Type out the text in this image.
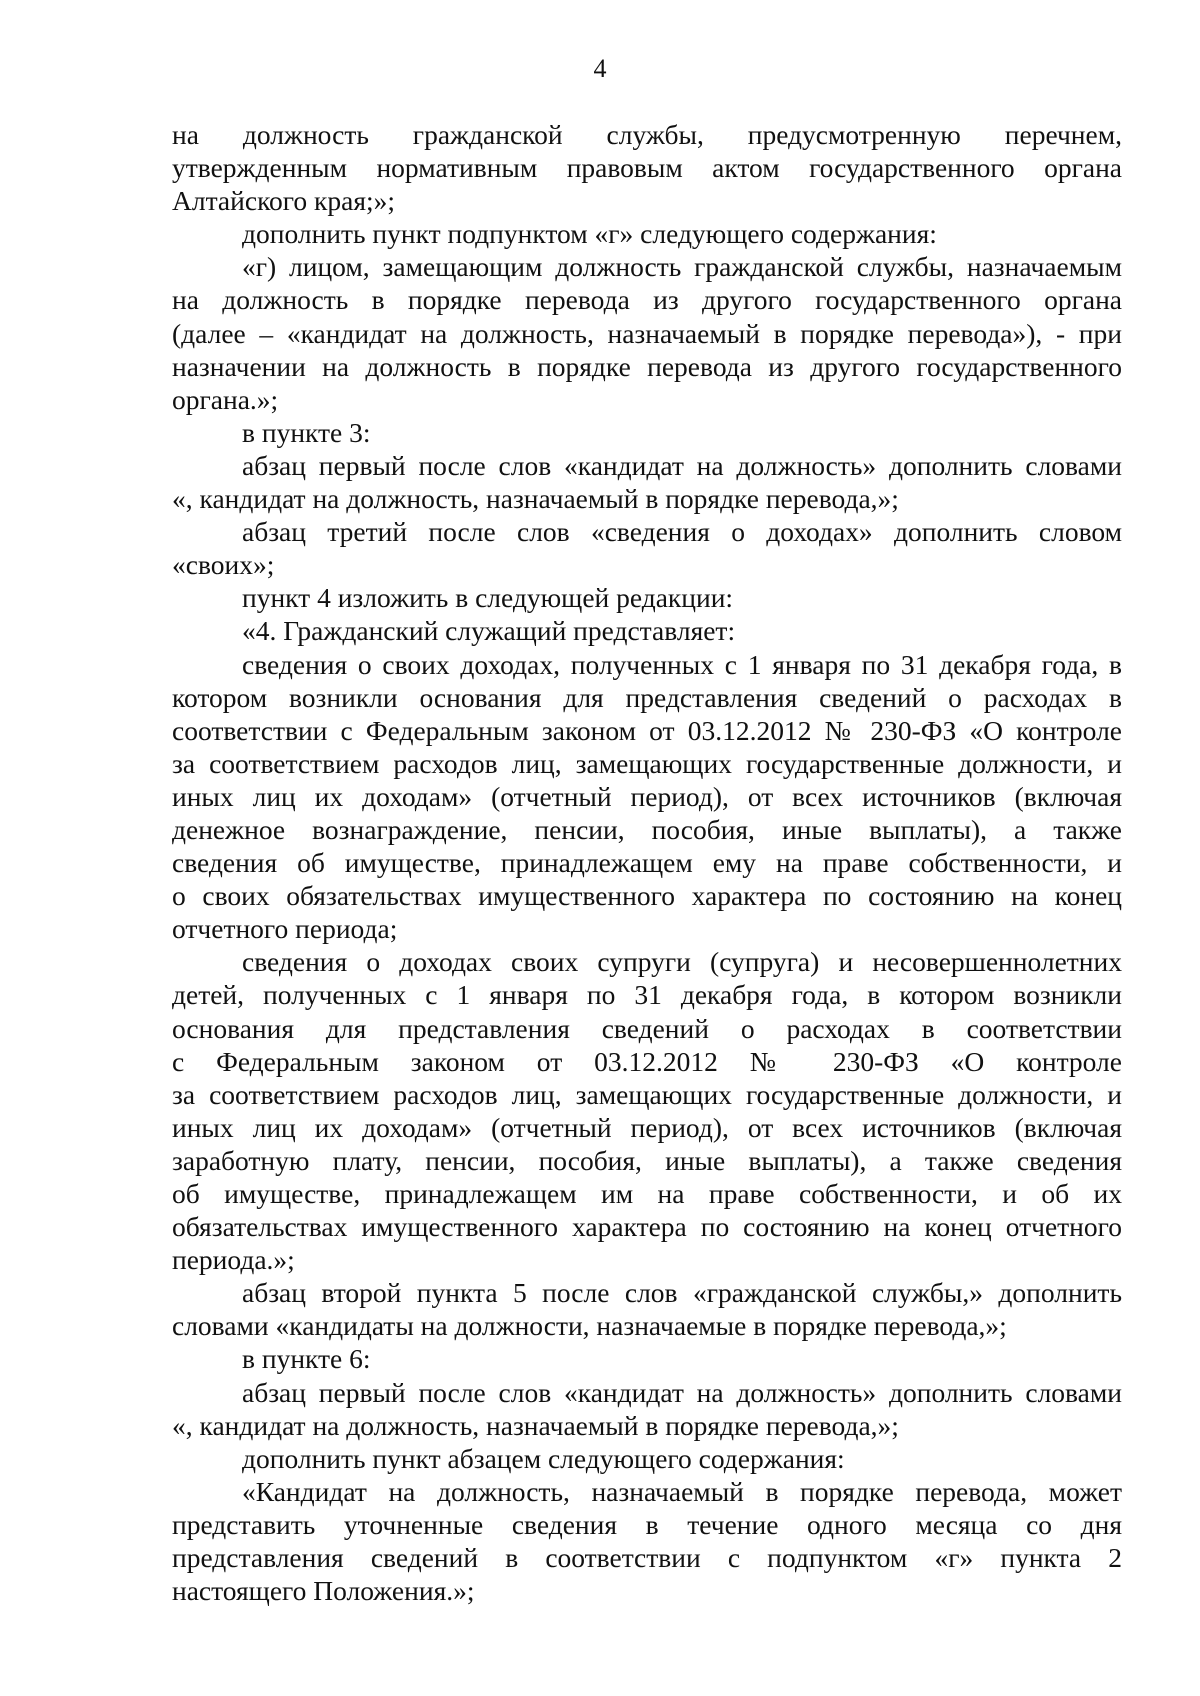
4
на должность гражданской службы, предусмотренную перечнем,
утвержденным нормативным правовым актом государственного органа
Алтайского края;»;
дополнить пункт подпунктом «г» следующего содержания:
«г) лицом, замещающим должность гражданской службы, назначаемым
на должность в порядке перевода из другого государственного органа
(далее – «кандидат на должность, назначаемый в порядке перевода»), - при
назначении на должность в порядке перевода из другого государственного
органа.»;
в пункте 3:
абзац первый после слов «кандидат на должность» дополнить словами
«, кандидат на должность, назначаемый в порядке перевода,»;
абзац третий после слов «сведения о доходах» дополнить словом
«своих»;
пункт 4 изложить в следующей редакции:
«4. Гражданский служащий представляет:
сведения о своих доходах, полученных с 1 января по 31 декабря года, в
котором возникли основания для представления сведений о расходах в
соответствии с Федеральным законом от 03.12.2012 № 230-ФЗ «О контроле
за соответствием расходов лиц, замещающих государственные должности, и
иных лиц их доходам» (отчетный период), от всех источников (включая
денежное вознаграждение, пенсии, пособия, иные выплаты), а также
сведения об имуществе, принадлежащем ему на праве собственности, и
о своих обязательствах имущественного характера по состоянию на конец
отчетного периода;
сведения о доходах своих супруги (супруга) и несовершеннолетних
детей, полученных с 1 января по 31 декабря года, в котором возникли
основания для представления сведений о расходах в соответствии
с Федеральным законом от 03.12.2012 № 230-ФЗ «О контроле
за соответствием расходов лиц, замещающих государственные должности, и
иных лиц их доходам» (отчетный период), от всех источников (включая
заработную плату, пенсии, пособия, иные выплаты), а также сведения
об имуществе, принадлежащем им на праве собственности, и об их
обязательствах имущественного характера по состоянию на конец отчетного
периода.»;
абзац второй пункта 5 после слов «гражданской службы,» дополнить
словами «кандидаты на должности, назначаемые в порядке перевода,»;
в пункте 6:
абзац первый после слов «кандидат на должность» дополнить словами
«, кандидат на должность, назначаемый в порядке перевода,»;
дополнить пункт абзацем следующего содержания:
«Кандидат на должность, назначаемый в порядке перевода, может
представить уточненные сведения в течение одного месяца со дня
представления сведений в соответствии с подпунктом «г» пункта 2
настоящего Положения.»;
